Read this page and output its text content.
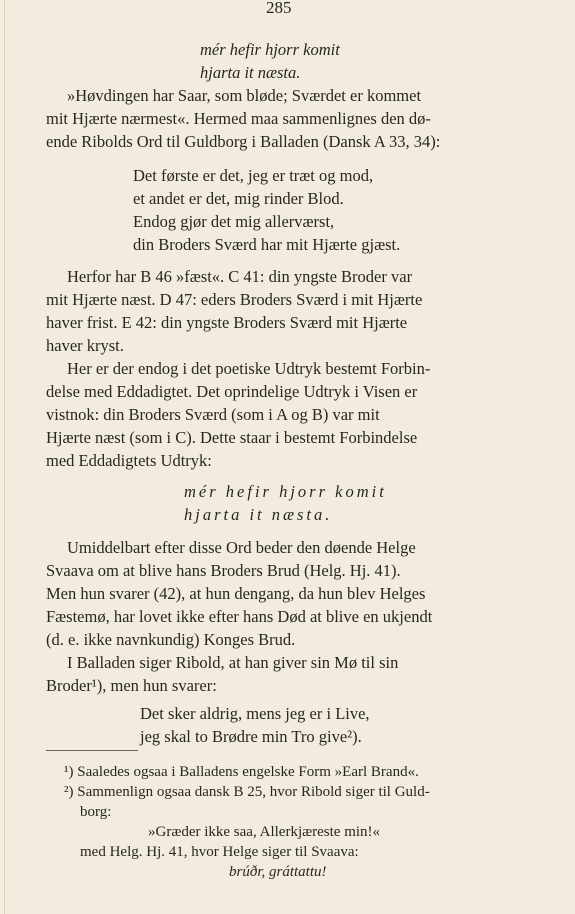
285
mér hefir hjorr komit
hjarta it næsta.
»Høvdingen har Saar, som bløde; Sværdet er kommet
mit Hjærte nærmest«. Hermed maa sammenlignes den dø-
ende Ribolds Ord til Guldborg i Balladen (Dansk A 33, 34):
Det første er det, jeg er træt og mod,
et andet er det, mig rinder Blod.
Endog gjør det mig allerværst,
din Broders Sværd har mit Hjærte gjæst.
Herfor har B 46 »fæst«. C 41: din yngste Broder var
mit Hjærte næst. D 47: eders Broders Sværd i mit Hjærte
haver frist. E 42: din yngste Broders Sværd mit Hjærte
haver kryst.
Her er der endog i det poetiske Udtryk bestemt Forbin-
delse med Eddadigtet. Det oprindelige Udtryk i Visen er
vistnok: din Broders Sværd (som i A og B) var mit
Hjærte næst (som i C). Dette staar i bestemt Forbindelse
med Eddadigtets Udtryk:
mér hefir hjorr komit
hjarta it næsta.
Umiddelbart efter disse Ord beder den døende Helge
Svaava om at blive hans Broders Brud (Helg. Hj. 41).
Men hun svarer (42), at hun dengang, da hun blev Helges
Fæstemø, har lovet ikke efter hans Død at blive en ukjendt
(d. e. ikke navnkundig) Konges Brud.
I Balladen siger Ribold, at han giver sin Mø til sin
Broder¹), men hun svarer:
Det sker aldrig, mens jeg er i Live,
jeg skal to Brødre min Tro give²).
¹) Saaledes ogsaa i Balladens engelske Form »Earl Brand«.
²) Sammenlign ogsaa dansk B 25, hvor Ribold siger til Guld-
borg:
»Græder ikke saa, Allerkjæreste min!«
med Helg. Hj. 41, hvor Helge siger til Svaava:
brúðr, gráttattu!
